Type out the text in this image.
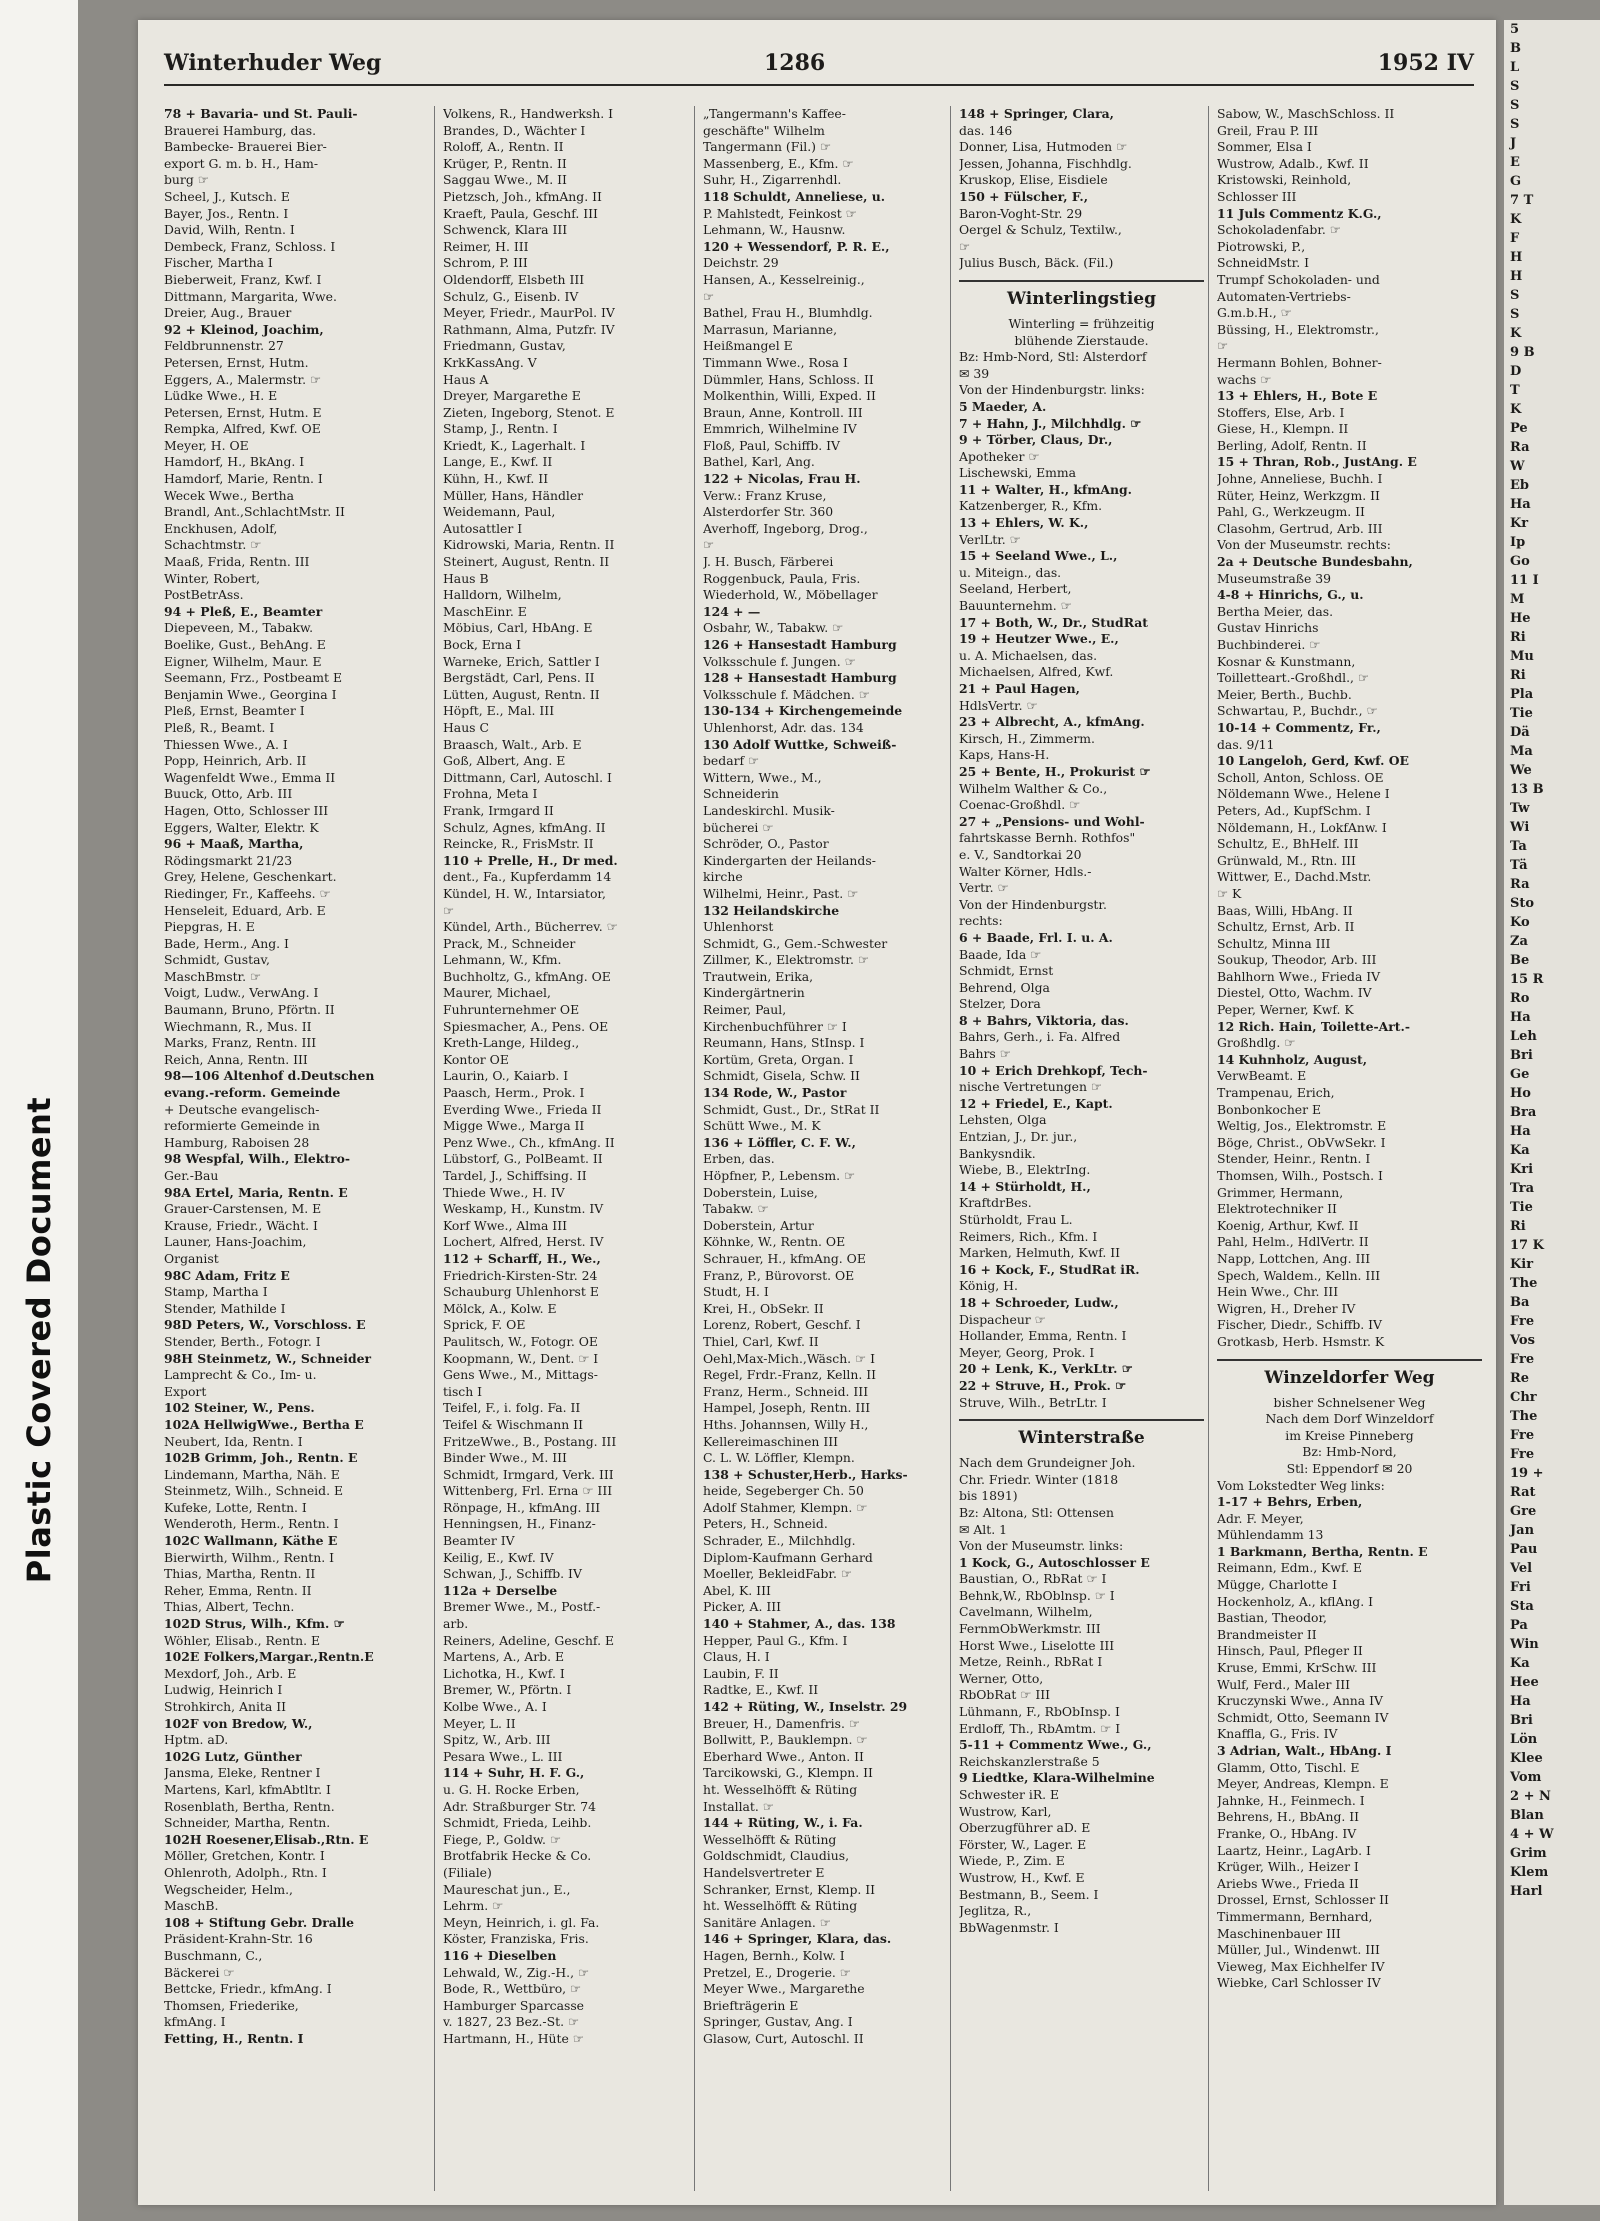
Plastic Covered Document
Winterhuder Weg	1286	1952 IV
78 + Bavaria- und St. Pauli-
Brauerei Hamburg, das.
Bambecke- Brauerei Bier-
export G. m. b. H., Ham-
burg ☞
Scheel, J., Kutsch. E
Bayer, Jos., Rentn. I
David, Wilh, Rentn. I
Dembeck, Franz, Schloss. I
Fischer, Martha I
Bieberweit, Franz, Kwf. I
Dittmann, Margarita, Wwe.
Dreier, Aug., Brauer
92 + Kleinod, Joachim,
Feldbrunnenstr. 27
Petersen, Ernst, Hutm.
Eggers, A., Malermstr. ☞
Lüdke Wwe., H. E
Petersen, Ernst, Hutm. E
Rempka, Alfred, Kwf. OE
Meyer, H. OE
Hamdorf, H., BkAng. I
Hamdorf, Marie, Rentn. I
Wecek Wwe., Bertha
Brandl, Ant.,SchlachtMstr. II
Enckhusen, Adolf,
Schachtmstr. ☞
Maaß, Frida, Rentn. III
Winter, Robert,
PostBetrAss.
94 + Pleß, E., Beamter
Diepeveen, M., Tabakw.
Boelike, Gust., BehAng. E
Eigner, Wilhelm, Maur. E
Seemann, Frz., Postbeamt E
Benjamin Wwe., Georgina I
Pleß, Ernst, Beamter I
Pleß, R., Beamt. I
Thiessen Wwe., A. I
Popp, Heinrich, Arb. II
Wagenfeldt Wwe., Emma II
Buuck, Otto, Arb. III
Hagen, Otto, Schlosser III
Eggers, Walter, Elektr. K
96 + Maaß, Martha,
Rödingsmarkt 21/23
Grey, Helene, Geschenkart.
Riedinger, Fr., Kaffeehs. ☞
Henseleit, Eduard, Arb. E
Piepgras, H. E
Bade, Herm., Ang. I
Schmidt, Gustav,
MaschBmstr. ☞
Voigt, Ludw., VerwAng. I
Baumann, Bruno, Pförtn. II
Wiechmann, R., Mus. II
Marks, Franz, Rentn. III
Reich, Anna, Rentn. III
98—106 Altenhof d.Deutschen
evang.-reform. Gemeinde
+ Deutsche evangelisch-
reformierte Gemeinde in
Hamburg, Raboisen 28
98 Wespfal, Wilh., Elektro-
Ger.-Bau
98A Ertel, Maria, Rentn. E
Grauer-Carstensen, M. E
Krause, Friedr., Wächt. I
Launer, Hans-Joachim,
Organist
98C Adam, Fritz E
Stamp, Martha I
Stender, Mathilde I
98D Peters, W., Vorschloss. E
Stender, Berth., Fotogr. I
98H Steinmetz, W., Schneider
Lamprecht & Co., Im- u.
Export
102 Steiner, W., Pens.
102A HellwigWwe., Bertha E
Neubert, Ida, Rentn. I
102B Grimm, Joh., Rentn. E
Lindemann, Martha, Näh. E
Steinmetz, Wilh., Schneid. E
Kufeke, Lotte, Rentn. I
Wenderoth, Herm., Rentn. I
102C Wallmann, Käthe E
Bierwirth, Wilhm., Rentn. I
Thias, Martha, Rentn. II
Reher, Emma, Rentn. II
Thias, Albert, Techn.
102D Strus, Wilh., Kfm. ☞
Wöhler, Elisab., Rentn. E
102E Folkers,Margar.,Rentn.E
Mexdorf, Joh., Arb. E
Ludwig, Heinrich I
Strohkirch, Anita II
102F von Bredow, W.,
Hptm. aD.
102G Lutz, Günther
Jansma, Eleke, Rentner I
Martens, Karl, kfmAbtltr. I
Rosenblath, Bertha, Rentn.
Schneider, Martha, Rentn.
102H Roesener,Elisab.,Rtn. E
Möller, Gretchen, Kontr. I
Ohlenroth, Adolph., Rtn. I
Wegscheider, Helm.,
MaschB.
108 + Stiftung Gebr. Dralle
Präsident-Krahn-Str. 16
Buschmann, C.,
Bäckerei ☞
Bettcke, Friedr., kfmAng. I
Thomsen, Friederike,
kfmAng. I
Fetting, H., Rentn. I
Volkens, R., Handwerksh. I
Brandes, D., Wächter I
Roloff, A., Rentn. II
Krüger, P., Rentn. II
Saggau Wwe., M. II
Pietzsch, Joh., kfmAng. II
Kraeft, Paula, Geschf. III
Schwenck, Klara III
Reimer, H. III
Schrom, P. III
Oldendorff, Elsbeth III
Schulz, G., Eisenb. IV
Meyer, Friedr., MaurPol. IV
Rathmann, Alma, Putzfr. IV
Friedmann, Gustav,
KrkKassAng. V
Haus A
Dreyer, Margarethe E
Zieten, Ingeborg, Stenot. E
Stamp, J., Rentn. I
Kriedt, K., Lagerhalt. I
Lange, E., Kwf. II
Kühn, H., Kwf. II
Müller, Hans, Händler
Weidemann, Paul,
Autosattler I
Kidrowski, Maria, Rentn. II
Steinert, August, Rentn. II
Haus B
Halldorn, Wilhelm,
MaschEinr. E
Möbius, Carl, HbAng. E
Bock, Erna I
Warneke, Erich, Sattler I
Bergstädt, Carl, Pens. II
Lütten, August, Rentn. II
Höpft, E., Mal. III
Haus C
Braasch, Walt., Arb. E
Goß, Albert, Ang. E
Dittmann, Carl, Autoschl. I
Frohna, Meta I
Frank, Irmgard II
Schulz, Agnes, kfmAng. II
Reincke, R., FrisMstr. II
110 + Prelle, H., Dr med.
dent., Fa., Kupferdamm 14
Kündel, H. W., Intarsiator,
☞
Kündel, Arth., Bücherrev. ☞
Prack, M., Schneider
Lehmann, W., Kfm.
Buchholtz, G., kfmAng. OE
Maurer, Michael,
Fuhrunternehmer OE
Spiesmacher, A., Pens. OE
Kreth-Lange, Hildeg.,
Kontor OE
Laurin, O., Kaiarb. I
Paasch, Herm., Prok. I
Everding Wwe., Frieda II
Migge Wwe., Marga II
Penz Wwe., Ch., kfmAng. II
Lübstorf, G., PolBeamt. II
Tardel, J., Schiffsing. II
Thiede Wwe., H. IV
Weskamp, H., Kunstm. IV
Korf Wwe., Alma III
Lochert, Alfred, Herst. IV
112 + Scharff, H., We.,
Friedrich-Kirsten-Str. 24
Schauburg Uhlenhorst E
Mölck, A., Kolw. E
Sprick, F. OE
Paulitsch, W., Fotogr. OE
Koopmann, W., Dent. ☞ I
Gens Wwe., M., Mittags-
tisch I
Teifel, F., i. folg. Fa. II
Teifel & Wischmann II
FritzeWwe., B., Postang. III
Binder Wwe., M. III
Schmidt, Irmgard, Verk. III
Wittenberg, Frl. Erna ☞ III
Rönpage, H., kfmAng. III
Henningsen, H., Finanz-
Beamter IV
Keilig, E., Kwf. IV
Schwan, J., Schiffb. IV
112a + Derselbe
Bremer Wwe., M., Postf.-
arb.
Reiners, Adeline, Geschf. E
Martens, A., Arb. E
Lichotka, H., Kwf. I
Bremer, W., Pförtn. I
Kolbe Wwe., A. I
Meyer, L. II
Spitz, W., Arb. III
Pesara Wwe., L. III
114 + Suhr, H. F. G.,
u. G. H. Rocke Erben,
Adr. Straßburger Str. 74
Schmidt, Frieda, Leihb.
Fiege, P., Goldw. ☞
Brotfabrik Hecke & Co.
(Filiale)
Maureschat jun., E.,
Lehrm. ☞
Meyn, Heinrich, i. gl. Fa.
Köster, Franziska, Fris.
116 + Dieselben
Lehwald, W., Zig.-H., ☞
Bode, R., Wettbüro, ☞
Hamburger Sparcasse
v. 1827, 23 Bez.-St. ☞
Hartmann, H., Hüte ☞
„Tangermann's Kaffee-
geschäfte" Wilhelm
Tangermann (Fil.) ☞
Massenberg, E., Kfm. ☞
Suhr, H., Zigarrenhdl.
118 Schuldt, Anneliese, u.
P. Mahlstedt, Feinkost ☞
Lehmann, W., Hausnw.
120 + Wessendorf, P. R. E.,
Deichstr. 29
Hansen, A., Kesselreinig.,
☞
Bathel, Frau H., Blumhdlg.
Marrasun, Marianne,
Heißmangel E
Timmann Wwe., Rosa I
Dümmler, Hans, Schloss. II
Molkenthin, Willi, Exped. II
Braun, Anne, Kontroll. III
Emmrich, Wilhelmine IV
Floß, Paul, Schiffb. IV
Bathel, Karl, Ang.
122 + Nicolas, Frau H.
Verw.: Franz Kruse,
Alsterdorfer Str. 360
Averhoff, Ingeborg, Drog.,
☞
J. H. Busch, Färberei
Roggenbuck, Paula, Fris.
Wiederhold, W., Möbellager
124 + —
Osbahr, W., Tabakw. ☞
126 + Hansestadt Hamburg
Volksschule f. Jungen. ☞
128 + Hansestadt Hamburg
Volksschule f. Mädchen. ☞
130-134 + Kirchengemeinde
Uhlenhorst, Adr. das. 134
130 Adolf Wuttke, Schweiß-
bedarf ☞
Wittern, Wwe., M.,
Schneiderin
Landeskirchl. Musik-
bücherei ☞
Schröder, O., Pastor
Kindergarten der Heilands-
kirche
Wilhelmi, Heinr., Past. ☞
132 Heilandskirche
Uhlenhorst
Schmidt, G., Gem.-Schwester
Zillmer, K., Elektromstr. ☞
Trautwein, Erika,
Kindergärtnerin
Reimer, Paul,
Kirchenbuchführer ☞ I
Reumann, Hans, StInsp. I
Kortüm, Greta, Organ. I
Schmidt, Gisela, Schw. II
134 Rode, W., Pastor
Schmidt, Gust., Dr., StRat II
Schütt Wwe., M. K
136 + Löffler, C. F. W.,
Erben, das.
Höpfner, P., Lebensm. ☞
Doberstein, Luise,
Tabakw. ☞
Doberstein, Artur
Köhnke, W., Rentn. OE
Schrauer, H., kfmAng. OE
Franz, P., Bürovorst. OE
Studt, H. I
Krei, H., ObSekr. II
Lorenz, Robert, Geschf. I
Thiel, Carl, Kwf. II
Oehl,Max-Mich.,Wäsch. ☞ I
Regel, Frdr.-Franz, Kelln. II
Franz, Herm., Schneid. III
Hampel, Joseph, Rentn. III
Hths. Johannsen, Willy H.,
Kellereimaschinen III
C. L. W. Löffler, Klempn.
138 + Schuster,Herb., Harks-
heide, Segeberger Ch. 50
Adolf Stahmer, Klempn. ☞
Peters, H., Schneid.
Schrader, E., Milchhdlg.
Diplom-Kaufmann Gerhard
Moeller, BekleidFabr. ☞
Abel, K. III
Picker, A. III
140 + Stahmer, A., das. 138
Hepper, Paul G., Kfm. I
Claus, H. I
Laubin, F. II
Radtke, E., Kwf. II
142 + Rüting, W., Inselstr. 29
Breuer, H., Damenfris. ☞
Bollwitt, P., Bauklempn. ☞
Eberhard Wwe., Anton. II
Tarcikowski, G., Klempn. II
ht. Wesselhöfft & Rüting
Installat. ☞
144 + Rüting, W., i. Fa.
Wesselhöfft & Rüting
Goldschmidt, Claudius,
Handelsvertreter E
Schranker, Ernst, Klemp. II
ht. Wesselhöfft & Rüting
Sanitäre Anlagen. ☞
146 + Springer, Klara, das.
Hagen, Bernh., Kolw. I
Pretzel, E., Drogerie. ☞
Meyer Wwe., Margarethe
Briefträgerin E
Springer, Gustav, Ang. I
Glasow, Curt, Autoschl. II
148 + Springer, Clara,
das. 146
Donner, Lisa, Hutmoden ☞
Jessen, Johanna, Fischhdlg.
Kruskop, Elise, Eisdiele
150 + Fülscher, F.,
Baron-Voght-Str. 29
Oergel & Schulz, Textilw.,
☞
Julius Busch, Bäck. (Fil.)
Winterlingstieg
Winterling = frühzeitig
blühende Zierstaude.
Bz: Hmb-Nord, Stl: Alsterdorf
✉ 39
Von der Hindenburgstr. links:
5 Maeder, A.
7 + Hahn, J., Milchhdlg. ☞
9 + Törber, Claus, Dr.,
Apotheker ☞
Lischewski, Emma
11 + Walter, H., kfmAng.
Katzenberger, R., Kfm.
13 + Ehlers, W. K.,
VerlLtr. ☞
15 + Seeland Wwe., L.,
u. Miteign., das.
Seeland, Herbert,
Bauunternehm. ☞
17 + Both, W., Dr., StudRat
19 + Heutzer Wwe., E.,
u. A. Michaelsen, das.
Michaelsen, Alfred, Kwf.
21 + Paul Hagen,
HdlsVertr. ☞
23 + Albrecht, A., kfmAng.
Kirsch, H., Zimmerm.
Kaps, Hans-H.
25 + Bente, H., Prokurist ☞
Wilhelm Walther & Co.,
Coenac-Großhdl. ☞
27 + „Pensions- und Wohl-
fahrtskasse Bernh. Rothfos"
e. V., Sandtorkai 20
Walter Körner, Hdls.-
Vertr. ☞
Von der Hindenburgstr.
rechts:
6 + Baade, Frl. I. u. A.
Baade, Ida ☞
Schmidt, Ernst
Behrend, Olga
Stelzer, Dora
8 + Bahrs, Viktoria, das.
Bahrs, Gerh., i. Fa. Alfred
Bahrs ☞
10 + Erich Drehkopf, Tech-
nische Vertretungen ☞
12 + Friedel, E., Kapt.
Lehsten, Olga
Entzian, J., Dr. jur.,
Bankysndik.
Wiebe, B., ElektrIng.
14 + Stürholdt, H.,
KraftdrBes.
Stürholdt, Frau L.
Reimers, Rich., Kfm. I
Marken, Helmuth, Kwf. II
16 + Kock, F., StudRat iR.
König, H.
18 + Schroeder, Ludw.,
Dispacheur ☞
Hollander, Emma, Rentn. I
Meyer, Georg, Prok. I
20 + Lenk, K., VerkLtr. ☞
22 + Struve, H., Prok. ☞
Struve, Wilh., BetrLtr. I
Winterstraße
Nach dem Grundeigner Joh.
Chr. Friedr. Winter (1818
bis 1891)
Bz: Altona, Stl: Ottensen
✉ Alt. 1
Von der Museumstr. links:
1 Kock, G., Autoschlosser E
Baustian, O., RbRat ☞ I
Behnk,W., RbOblnsp. ☞ I
Cavelmann, Wilhelm,
FernmObWerkmstr. III
Horst Wwe., Liselotte III
Metze, Reinh., RbRat I
Werner, Otto,
RbObRat ☞ III
Lühmann, F., RbObInsp. I
Erdloff, Th., RbAmtm. ☞ I
5-11 + Commentz Wwe., G.,
Reichskanzlerstraße 5
9 Liedtke, Klara-Wilhelmine
Schwester iR. E
Wustrow, Karl,
Oberzugführer aD. E
Förster, W., Lager. E
Wiede, P., Zim. E
Wustrow, H., Kwf. E
Bestmann, B., Seem. I
Jeglitza, R.,
BbWagenmstr. I
Sabow, W., MaschSchloss. II
Greil, Frau P. III
Sommer, Elsa I
Wustrow, Adalb., Kwf. II
Kristowski, Reinhold,
Schlosser III
11 Juls Commentz K.G.,
Schokoladenfabr. ☞
Piotrowski, P.,
SchneidMstr. I
Trumpf Schokoladen- und
Automaten-Vertriebs-
G.m.b.H., ☞
Büssing, H., Elektromstr.,
☞
Hermann Bohlen, Bohner-
wachs ☞
13 + Ehlers, H., Bote E
Stoffers, Else, Arb. I
Giese, H., Klempn. II
Berling, Adolf, Rentn. II
15 + Thran, Rob., JustAng. E
Johne, Anneliese, Buchh. I
Rüter, Heinz, Werkzgm. II
Pahl, G., Werkzeugm. II
Clasohm, Gertrud, Arb. III
Von der Museumstr. rechts:
2a + Deutsche Bundesbahn,
Museumstraße 39
4-8 + Hinrichs, G., u.
Bertha Meier, das.
Gustav Hinrichs
Buchbinderei. ☞
Kosnar & Kunstmann,
Toilletteart.-Großhdl., ☞
Meier, Berth., Buchb.
Schwartau, P., Buchdr., ☞
10-14 + Commentz, Fr.,
das. 9/11
10 Langeloh, Gerd, Kwf. OE
Scholl, Anton, Schloss. OE
Nöldemann Wwe., Helene I
Peters, Ad., KupfSchm. I
Nöldemann, H., LokfAnw. I
Schultz, E., BhHelf. III
Grünwald, M., Rtn. III
Wittwer, E., Dachd.Mstr.
☞ K
Baas, Willi, HbAng. II
Schultz, Ernst, Arb. II
Schultz, Minna III
Soukup, Theodor, Arb. III
Bahlhorn Wwe., Frieda IV
Diestel, Otto, Wachm. IV
Peper, Werner, Kwf. K
12 Rich. Hain, Toilette-Art.-
Großhdlg. ☞
14 Kuhnholz, August,
VerwBeamt. E
Trampenau, Erich,
Bonbonkocher E
Weltig, Jos., Elektromstr. E
Böge, Christ., ObVwSekr. I
Stender, Heinr., Rentn. I
Thomsen, Wilh., Postsch. I
Grimmer, Hermann,
Elektrotechniker II
Koenig, Arthur, Kwf. II
Pahl, Helm., HdlVertr. II
Napp, Lottchen, Ang. III
Spech, Waldem., Kelln. III
Hein Wwe., Chr. III
Wigren, H., Dreher IV
Fischer, Diedr., Schiffb. IV
Grotkasb, Herb. Hsmstr. K
Winzeldorfer Weg
bisher Schnelsener Weg
Nach dem Dorf Winzeldorf
im Kreise Pinneberg
Bz: Hmb-Nord,
Stl: Eppendorf ✉ 20
Vom Lokstedter Weg links:
1-17 + Behrs, Erben,
Adr. F. Meyer,
Mühlendamm 13
1 Barkmann, Bertha, Rentn. E
Reimann, Edm., Kwf. E
Mügge, Charlotte I
Hockenholz, A., kflAng. I
Bastian, Theodor,
Brandmeister II
Hinsch, Paul, Pfleger II
Kruse, Emmi, KrSchw. III
Wulf, Ferd., Maler III
Kruczynski Wwe., Anna IV
Schmidt, Otto, Seemann IV
Knaffla, G., Fris. IV
3 Adrian, Walt., HbAng. I
Glamm, Otto, Tischl. E
Meyer, Andreas, Klempn. E
Jahnke, H., Feinmech. I
Behrens, H., BbAng. II
Franke, O., HbAng. IV
Laartz, Heinr., LagArb. I
Krüger, Wilh., Heizer I
Ariebs Wwe., Frieda II
Drossel, Ernst, Schlosser II
Timmermann, Bernhard,
Maschinenbauer III
Müller, Jul., Windenwt. III
Vieweg, Max Eichhelfer IV
Wiebke, Carl Schlosser IV
5
B
L
S
S
S
J
E
G
7 T
K
F
H
H
S
S
K
9 B
D
T
K
Pe
Ra
W
Eb
Ha
Kr
Ip
Go
11 I
M
He
Ri
Mu
Ri
Pla
Tie
Dä
Ma
We
13 B
Tw
Wi
Ta
Tä
Ra
Sto
Ko
Za
Be
15 R
Ro
Ha
Leh
Bri
Ge
Ho
Bra
Ha
Ka
Kri
Tra
Tie
Ri
17 K
Kir
The
Ba
Fre
Vos
Fre
Re
Chr
The
Fre
Fre
19 +
Rat
Gre
Jan
Pau
Vel
Fri
Sta
Pa
Win
Ka
Hee
Ha
Bri
Lön
Klee
Vom
2 + N
Blan
4 + W
Grim
Klem
Harl
